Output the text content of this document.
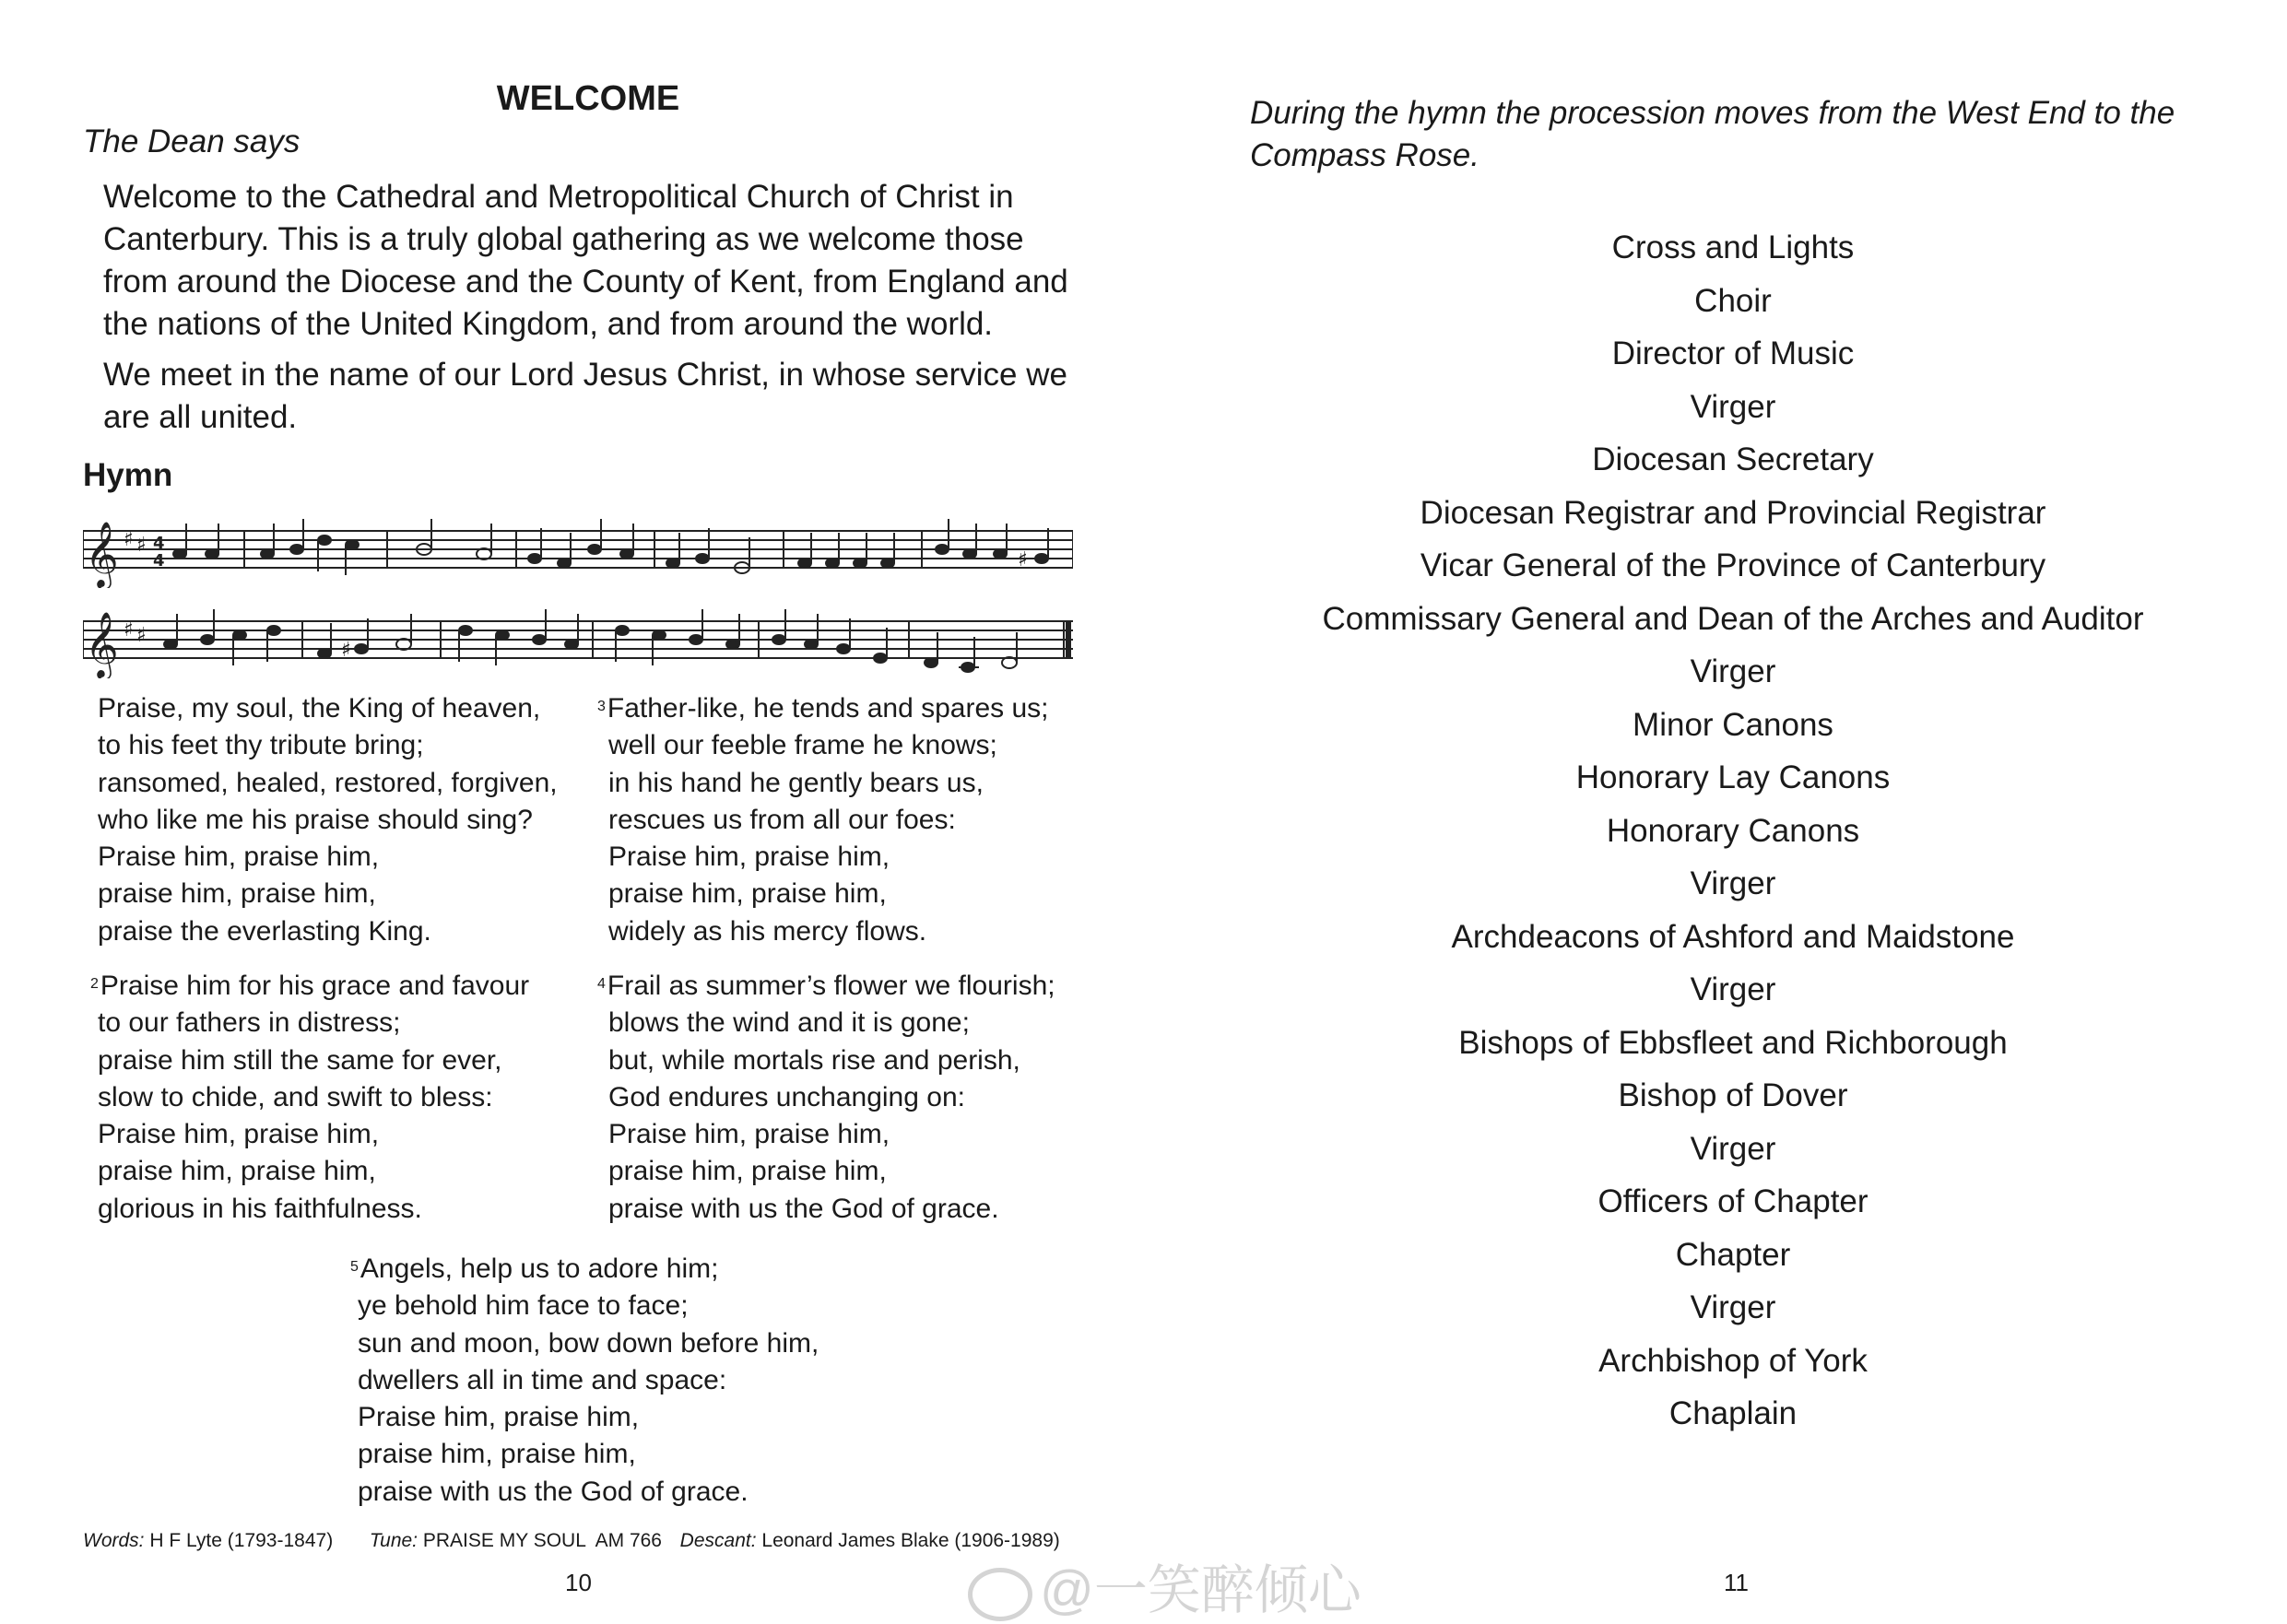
WELCOME
The Dean says
Welcome to the Cathedral and Metropolitical Church of Christ in Canterbury. This is a truly global gathering as we welcome those from around the Diocese and the County of Kent, from England and the nations of the United Kingdom, and from around the world.
We meet in the name of our Lord Jesus Christ, in whose service we are all united.
Hymn
𝄞 ♯ ♯ 4
4	♯
𝄞 ♯ ♯
♯
Praise, my soul, the King of heaven,
to his feet thy tribute bring;
ransomed, healed, restored, forgiven,
who like me his praise should sing?
Praise him, praise him,
praise him, praise him,
praise the everlasting King.
$^2$Praise him for his grace and favour
to our fathers in distress;
praise him still the same for ever,
slow to chide, and swift to bless:
Praise him, praise him,
praise him, praise him,
glorious in his faithfulness.
$^3$Father-like, he tends and spares us;
well our feeble frame he knows;
in his hand he gently bears us,
rescues us from all our foes:
Praise him, praise him,
praise him, praise him,
widely as his mercy flows.
$^4$Frail as summer’s flower we flourish;
blows the wind and it is gone;
but, while mortals rise and perish,
God endures unchanging on:
Praise him, praise him,
praise him, praise him,
praise with us the God of grace.
$^5$Angels, help us to adore him;
ye behold him face to face;
sun and moon, bow down before him,
dwellers all in time and space:
Praise him, praise him,
praise him, praise him,
praise with us the God of grace.
Words: H F Lyte (1793-1847) Tune: PRAISE MY SOUL  AM 766 Descant: Leonard James Blake (1906-1989)
10
During the hymn the procession moves from the West End to the Compass Rose.
Cross and Lights
Choir
Director of Music
Virger
Diocesan Secretary
Diocesan Registrar and Provincial Registrar
Vicar General of the Province of Canterbury
Commissary General and Dean of the Arches and Auditor
Virger
Minor Canons
Honorary Lay Canons
Honorary Canons
Virger
Archdeacons of Ashford and Maidstone
Virger
Bishops of Ebbsfleet and Richborough
Bishop of Dover
Virger
Officers of Chapter
Chapter
Virger
Archbishop of York
Chaplain
11
@一笑醉倾心
